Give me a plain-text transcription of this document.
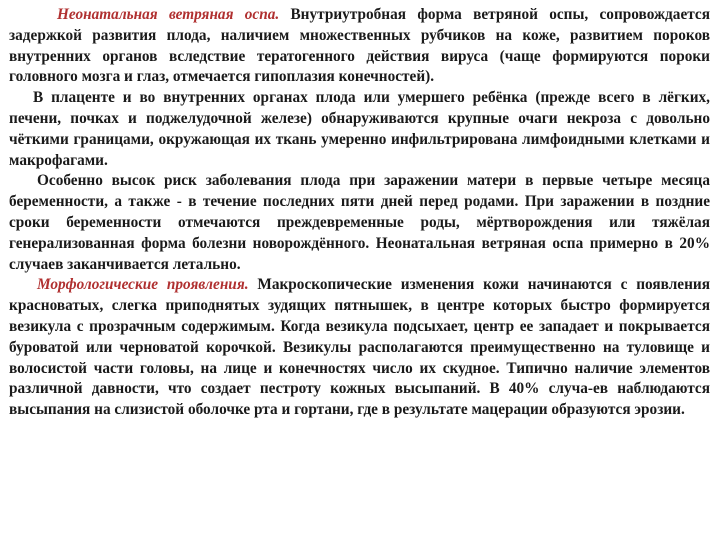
Неонатальная ветряная оспа. Внутриутробная форма ветряной оспы, сопровождается задержкой развития плода, наличием множественных рубчиков на коже, развитием пороков внутренних органов вследствие тератогенного действия вируса (чаще формируются пороки головного мозга и глаз, отмечается гипоплазия конечностей).

В плаценте и во внутренних органах плода или умершего ребёнка (прежде всего в лёгких, печени, почках и поджелудочной железе) обнаруживаются крупные очаги некроза с довольно чёткими границами, окружающая их ткань умеренно инфильтрирована лимфоидными клетками и макрофагами.

Особенно высок риск заболевания плода при заражении матери в первые четыре месяца беременности, а также - в течение последних пяти дней перед родами. При заражении в поздние сроки беременности отмечаются преждевременные роды, мёртворождения или тяжёлая генерализованная форма болезни новорождённого. Неонатальная ветряная оспа примерно в 20% случаев заканчивается летально.

Морфологические проявления. Макроскопические изменения кожи начинаются с появления красноватых, слегка приподнятых зудящих пятнышек, в центре которых быстро формируется везикула с прозрачным содержимым. Когда везикула подсыхает, центр ее западает и покрывается буроватой или черноватой корочкой. Везикулы располагаются преимущественно на туловище и волосистой части головы, на лице и конечностях число их скудное. Типично наличие элементов различной давности, что создает пестроту кожных высыпаний. В 40% случа-ев наблюдаются высыпания на слизистой оболочке рта и гортани, где в результате мацерации образуются эрозии.
